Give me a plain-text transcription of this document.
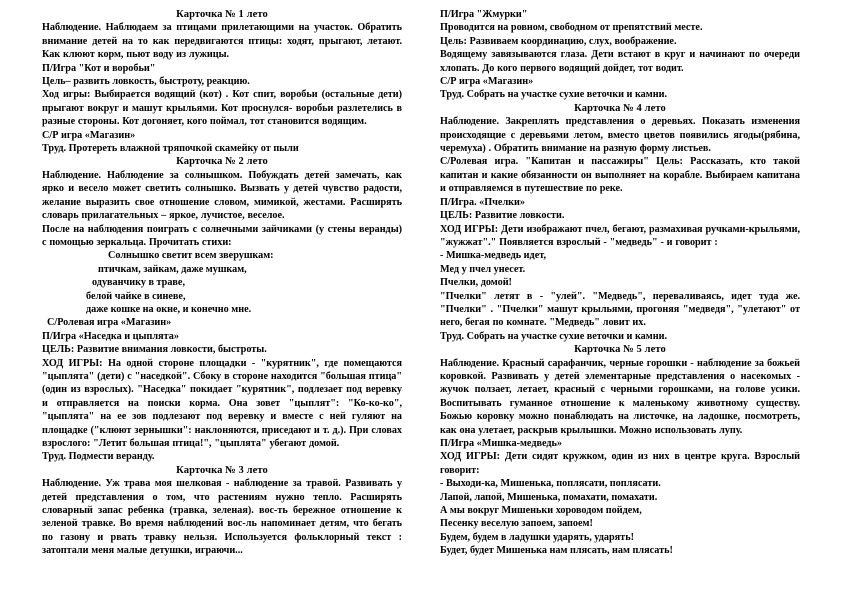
Карточка № 1 лето
Наблюдение. Наблюдаем за птицами прилетающими на участок. Обратить внимание детей на то как передвигаются птицы: ходят, прыгают, летают. Как клюют корм, пьют воду из лужицы.
П/Игра "Кот и воробьи"
Цель– развить ловкость, быстроту, реакцию.
Ход игры: Выбирается водящий (кот) . Кот спит, воробьи (остальные дети) прыгают вокруг и машут крыльями. Кот проснулся- воробьи разлетелись в разные стороны. Кот догоняет, кого поймал, тот становится водящим.
С/Р игра «Магазин»
Труд. Протереть влажной тряпочкой скамейку от пыли
Карточка № 2 лето
Наблюдение. Наблюдение за солнышком. Побуждать детей замечать, как ярко и весело может светить солнышко. Вызвать у детей чувство радости, желание выразить свое отношение словом, мимикой, жестами. Расширять словарь прилагательных – яркое, лучистое, веселое.
После на наблюдения поиграть с солнечными зайчиками (у стены веранды) с помощью зеркальца. Прочитать стихи:
Солнышко светит всем зверушкам:
птичкам, зайкам, даже мушкам,
одуванчику в траве,
белой чайке в синеве,
даже кошке на окне, и конечно мне.
С/Ролевая игра «Магазин»
П/Игра «Наседка и цыплята»
ЦЕЛЬ: Развитие внимания ловкости, быстроты.
ХОД ИГРЫ: На одной стороне площадки - "курятник", где помещаются "цыплята" (дети) с "наседкой". Сбоку в стороне находится "большая птица" (один из взрослых). "Наседка" покидает "курятник", подлезает под веревку и отправляется на поиски корма. Она зовет "цыплят": "Ко-ко-ко", "цыплята" на ее зов подлезают под веревку и вместе с ней гуляют на площадке ("клюют зернышки": наклоняются, приседают и т. д.). При словах взрослого: "Летит большая птица!", "цыплята" убегают домой.
Труд. Подмести веранду.
Карточка № 3 лето
Наблюдение. Уж трава моя шелковая - наблюдение за травой. Развивать у детей представления о том, что растениям нужно тепло. Расширять словарный запас ребенка (травка, зеленая). вос-ть бережное отношение к зеленой травке. Во время наблюдений вос-ль напоминает детям, что бегать по газону и рвать травку нельзя. Используется фольклорный текст : затоптали меня малые детушки, играючи...
П/Игра "Жмурки"
Проводится на ровном, свободном от препятствий месте.
Цель: Развиваем координацию, слух, воображение.
Водящему завязываются глаза. Дети встают в круг и начинают по очереди хлопать. До кого первого водящий дойдет, тот водит.
С/Р игра «Магазин»
Труд. Собрать на участке сухие веточки и камни.
Карточка № 4 лето
Наблюдение. Закреплять представления о деревьях. Показать изменения происходящие с деревьями летом, вместо цветов появились ягоды(рябина, черемуха) . Обратить внимание на разную форму листьев.
С/Ролевая игра. "Капитан и пассажиры" Цель: Рассказать, кто такой капитан и какие обязанности он выполняет на корабле. Выбираем капитана и отправляемся в путешествие по реке.
П/Игра. «Пчелки»
ЦЕЛЬ: Развитие ловкости.
ХОД ИГРЫ: Дети изображают пчел, бегают, размахивая ручками-крыльями, "жужжат"." Появляется взрослый - "медведь" - и говорит :
- Мишка-медведь идет,
Мед у пчел унесет.
Пчелки, домой!
"Пчелки" летят в - "улей". "Медведь", переваливаясь, идет туда же. "Пчелки" . "Пчелки" машут крыльями, прогоняя "медведя", "улетают" от него, бегая по комнате. "Медведь" ловит их.
Труд. Собрать на участке сухие веточки и камни.
Карточка № 5 лето
Наблюдение. Красный сарафанчик, черные горошки - наблюдение за божьей коровкой. Развивать у детей элементарные представления о насекомых - жучок ползает, летает, красный с черными горошками, на голове усики. Воспитывать гуманное отношение к маленькому животному существу. Божью коровку можно понаблюдать на листочке, на ладошке, посмотреть, как она улетает, раскрыв крылышки. Можно использовать лупу.
П/Игра «Мишка-медведь»
ХОД ИГРЫ: Дети сидят кружком, один из них в центре круга. Взрослый говорит:
- Выходи-ка, Мишенька, поплясати, поплясати.
Лапой, лапой, Мишенька, помахати, помахати.
А мы вокруг Мишеньки хороводом пойдем,
Песенку веселую запоем, запоем!
Будем, будем в ладушки ударять, ударять!
Будет, будет Мишенька нам плясать, нам плясать!
